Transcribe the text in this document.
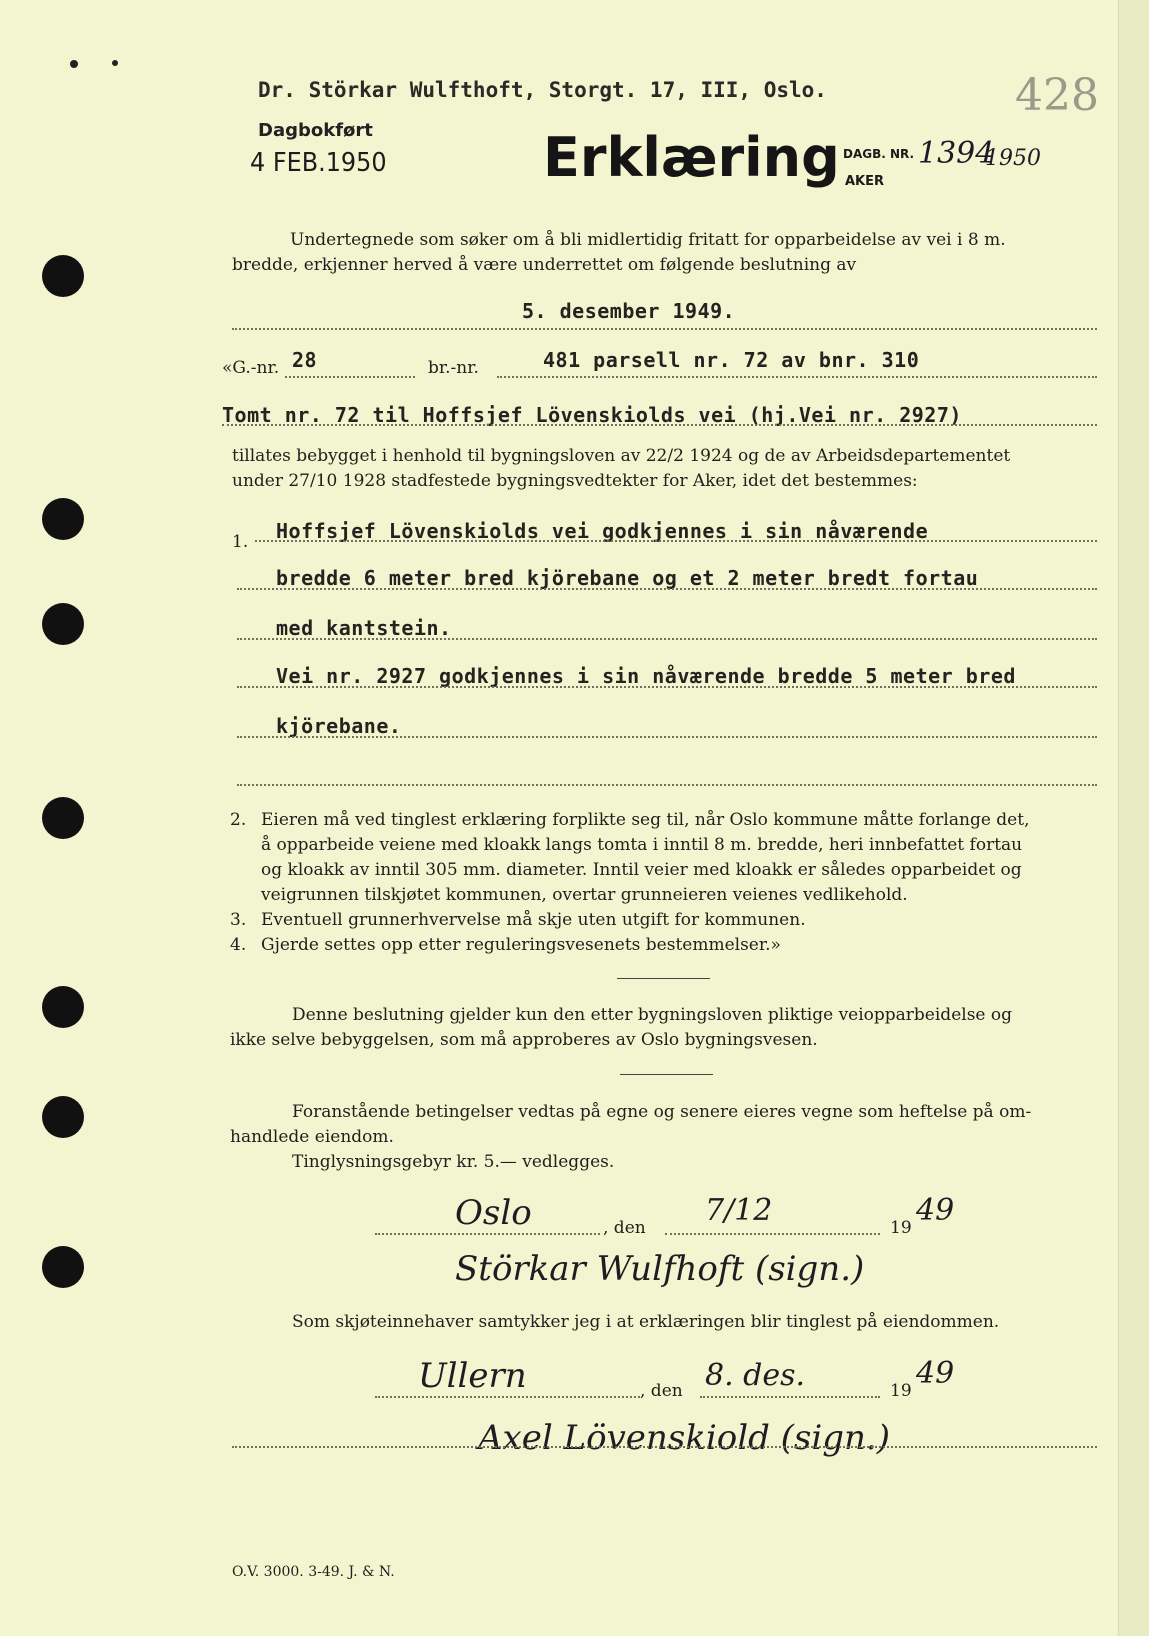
Dr. Störkar Wulfthoft, Storgt. 17, III, Oslo.	428
Dagbokført
4 FEB.1950	Erklæring DAGB. NR. 1394
1950
AKER
Undertegnede som søker om å bli midlertidig fritatt for opparbeidelse av vei i 8 m.
bredde, erkjenner herved å være underrettet om følgende beslutning av
5. desember 1949.
«G.-nr. 28	br.-nr.	481 parsell nr. 72 av bnr. 310
Tomt nr. 72 til Hoffsjef Lövenskiolds vei (hj.Vei nr. 2927)
tillates bebygget i henhold til bygningsloven av 22/2 1924 og de av Arbeidsdepartementet
under 27/10 1928 stadfestede bygningsvedtekter for Aker, idet det bestemmes:
1. Hoffsjef Lövenskiolds vei godkjennes i sin nåværende
bredde 6 meter bred kjörebane og et 2 meter bredt fortau
med kantstein.
Vei nr. 2927 godkjennes i sin nåværende bredde 5 meter bred
kjörebane.
2. Eieren må ved tinglest erklæring forplikte seg til, når Oslo kommune måtte forlange det,
å opparbeide veiene med kloakk langs tomta i inntil 8 m. bredde, heri innbefattet fortau
og kloakk av inntil 305 mm. diameter. Inntil veier med kloakk er således opparbeidet og
veigrunnen tilskjøtet kommunen, overtar grunneieren veienes vedlikehold.
3. Eventuell grunnerhvervelse må skje uten utgift for kommunen.
4. Gjerde settes opp etter reguleringsvesenets bestemmelser.»
Denne beslutning gjelder kun den etter bygningsloven pliktige veiopparbeidelse og
ikke selve bebyggelsen, som må approberes av Oslo bygningsvesen.
Foranstående betingelser vedtas på egne og senere eieres vegne som heftelse på om-
handlede eiendom.
Tinglysningsgebyr kr. 5.— vedlegges.
Oslo	, den 7/12	19 49
Störkar Wulfhoft (sign.)
Som skjøteinnehaver samtykker jeg i at erklæringen blir tinglest på eiendommen.
Ullern	, den 8. des.	19 49
Axel Lövenskiold (sign.)
O.V. 3000. 3-49. J. & N.
